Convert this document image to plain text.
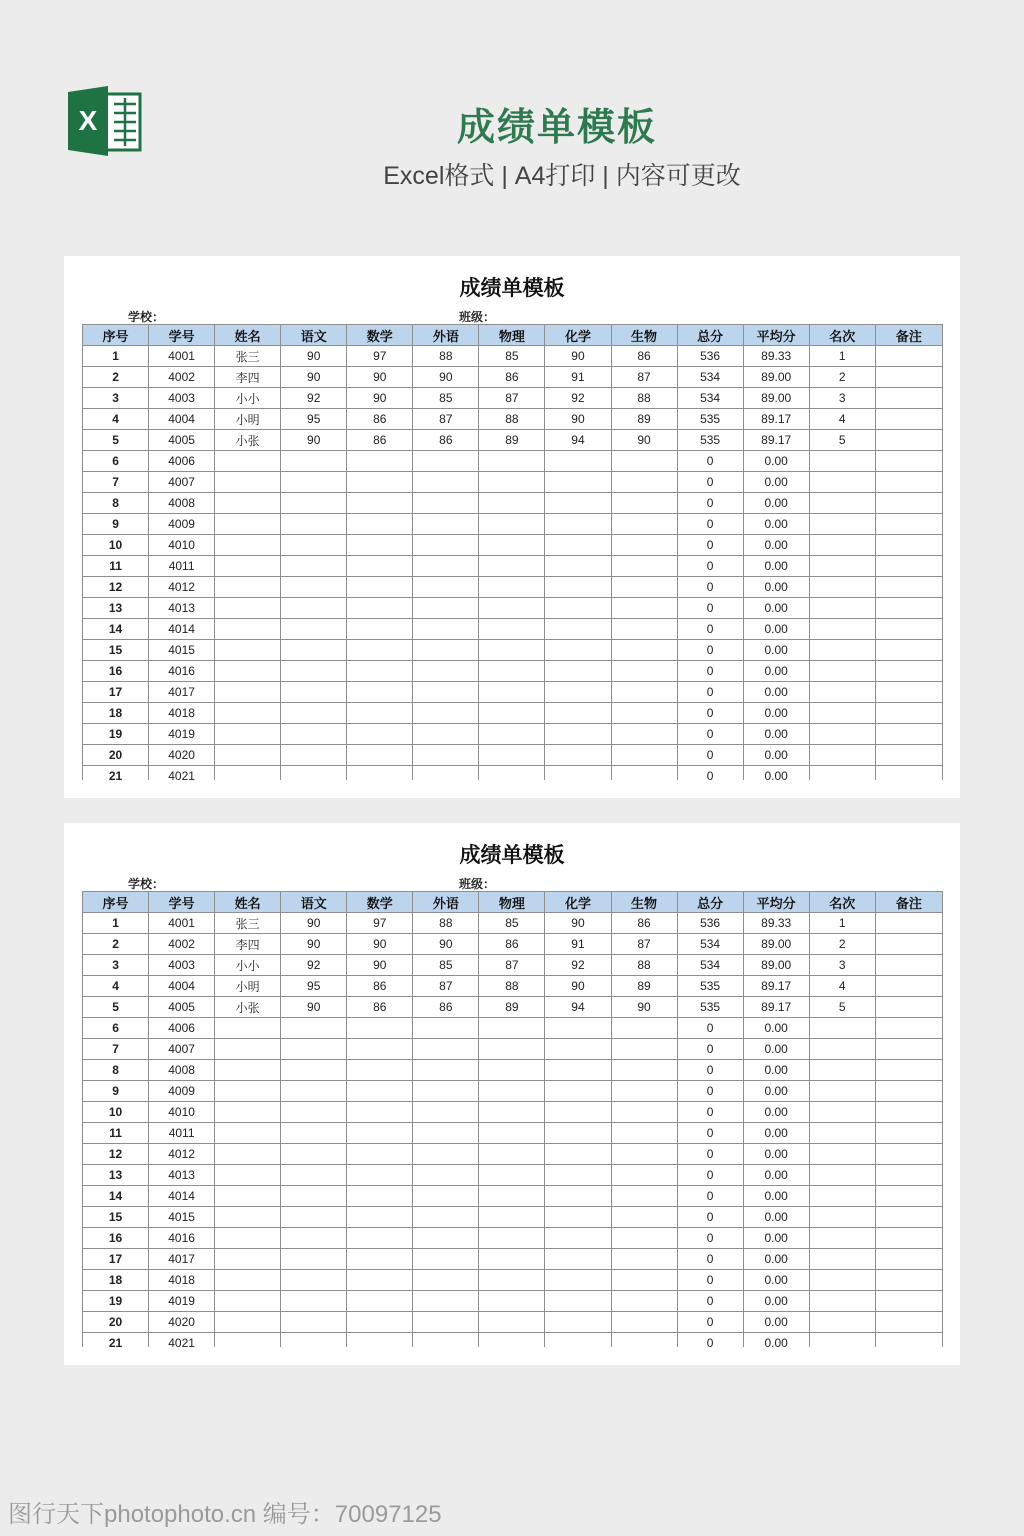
X	成绩单模板
Excel格式 | A4打印 | 内容可更改
成绩单模板
学校：	班级：
序号	学号	姓名	语文	数学	外语	物理	化学	生物	总分	平均分	名次	备注
1	4001	张三	90	97	88	85	90	86	536	89.33	1	
2	4002	李四	90	90	90	86	91	87	534	89.00	2	
3	4003	小小	92	90	85	87	92	88	534	89.00	3	
4	4004	小明	95	86	87	88	90	89	535	89.17	4	
5	4005	小张	90	86	86	89	94	90	535	89.17	5	
6	4006								0	0.00		
7	4007								0	0.00		
8	4008								0	0.00		
9	4009								0	0.00		
10	4010								0	0.00		
11	4011								0	0.00		
12	4012								0	0.00		
13	4013								0	0.00		
14	4014								0	0.00		
15	4015								0	0.00		
16	4016								0	0.00		
17	4017								0	0.00		
18	4018								0	0.00		
19	4019								0	0.00		
20	4020								0	0.00		
21	4021								0	0.00		
成绩单模板
学校：	班级：
序号	学号	姓名	语文	数学	外语	物理	化学	生物	总分	平均分	名次	备注
1	4001	张三	90	97	88	85	90	86	536	89.33	1	
2	4002	李四	90	90	90	86	91	87	534	89.00	2	
3	4003	小小	92	90	85	87	92	88	534	89.00	3	
4	4004	小明	95	86	87	88	90	89	535	89.17	4	
5	4005	小张	90	86	86	89	94	90	535	89.17	5	
6	4006								0	0.00		
7	4007								0	0.00		
8	4008								0	0.00		
9	4009								0	0.00		
10	4010								0	0.00		
11	4011								0	0.00		
12	4012								0	0.00		
13	4013								0	0.00		
14	4014								0	0.00		
15	4015								0	0.00		
16	4016								0	0.00		
17	4017								0	0.00		
18	4018								0	0.00		
19	4019								0	0.00		
20	4020								0	0.00		
21	4021								0	0.00		
图行天下photophoto.cn 编号：70097125
